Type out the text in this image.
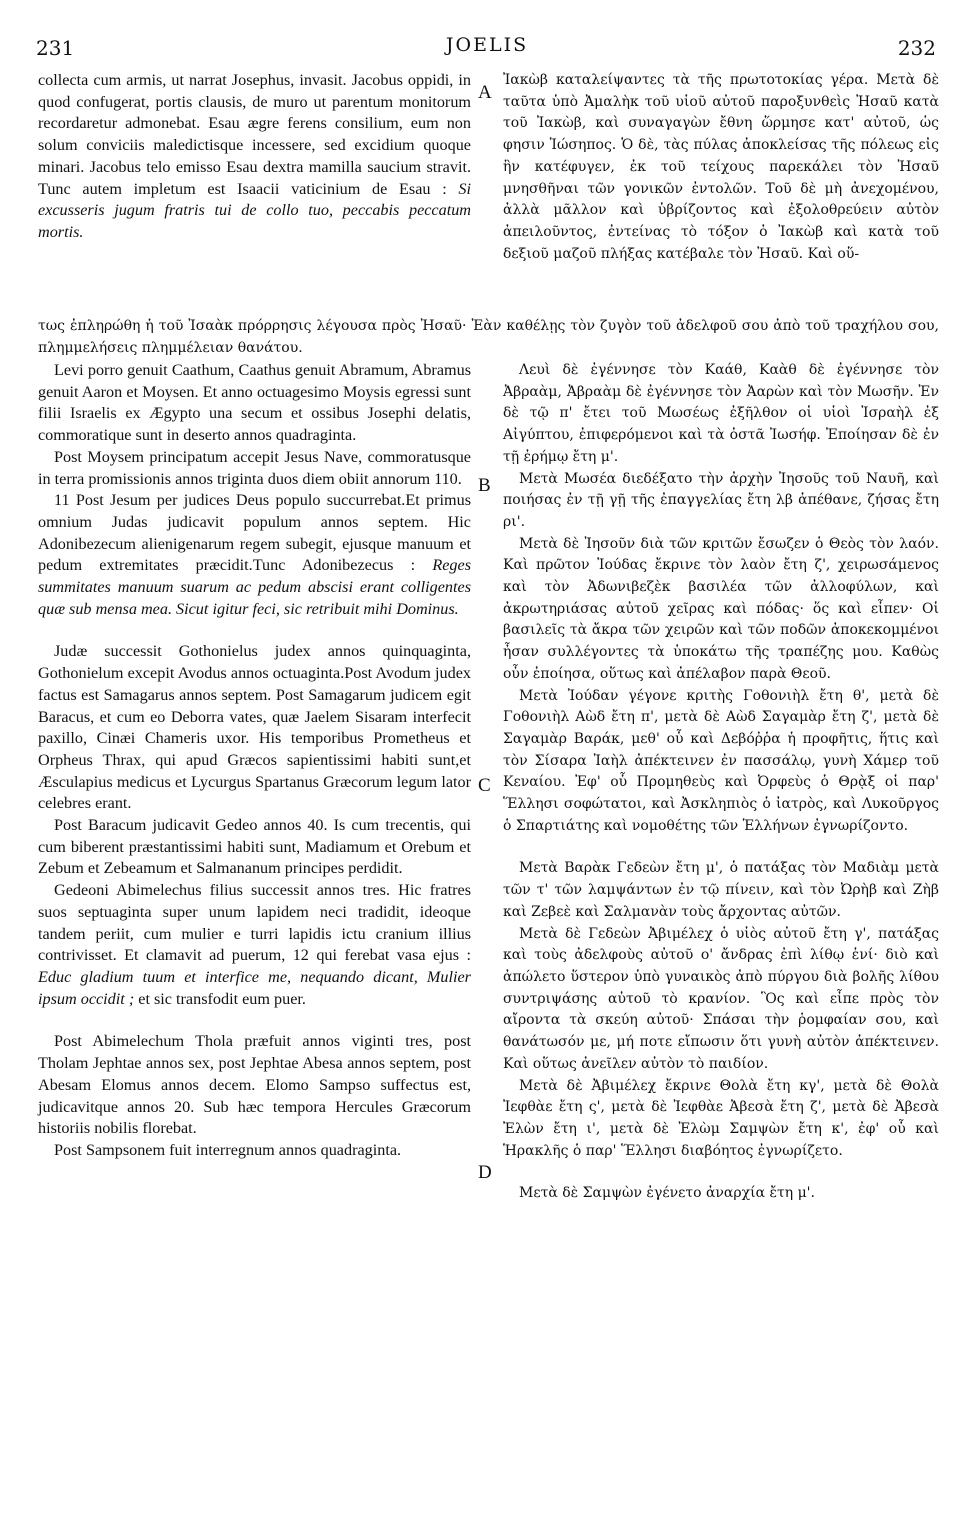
231	JOELIS	232
A
B
C
D

collecta cum armis, ut narrat Josephus, invasit. Jacobus oppidi, in quod confugerat, portis clausis, de muro ut parentum monitorum recordaretur admonebat. Esau ægre ferens consilium, eum non solum conviciis maledictisque incessere, sed excidium quoque minari. Jacobus telo emisso Esau dextra mamilla saucium stravit. Tunc autem impletum est Isaacii vaticinium de Esau : Si excusseris jugum fratris tui de collo tuo, peccabis peccatum mortis.

Ἰακὼβ καταλείψαντες τὰ τῆς πρωτοτοκίας γέρα. Μετὰ δὲ ταῦτα ὑπὸ Ἀμαλὴκ τοῦ υἱοῦ αὐτοῦ παροξυνθεὶς Ἠσαῦ κατὰ τοῦ Ἰακὼβ, καὶ συναγαγὼν ἔθνη ὥρμησε κατ' αὐτοῦ, ὡς φησιν Ἰώσηπος. Ὁ δὲ, τὰς πύλας ἀποκλείσας τῆς πόλεως εἰς ἣν κατέφυγεν, ἐκ τοῦ τείχους παρεκάλει τὸν Ἠσαῦ μνησθῆναι τῶν γονικῶν ἐντολῶν. Τοῦ δὲ μὴ ἀνεχομένου, ἀλλὰ μᾶλλον καὶ ὑβρίζοντος καὶ ἐξολοθρεύειν αὐτὸν ἀπειλοῦντος, ἐντείνας τὸ τόξον ὁ Ἰακὼβ καὶ κατὰ τοῦ δεξιοῦ μαζοῦ πλήξας κατέβαλε τὸν Ἠσαῦ. Καὶ οὕ-

τως ἐπληρώθη ἡ τοῦ Ἰσαὰκ πρόρρησις λέγουσα πρὸς Ἠσαῦ· Ἐὰν καθέλῃς τὸν ζυγὸν τοῦ ἀδελφοῦ σου ἀπὸ τοῦ τραχήλου σου, πλημμελήσεις πλημμέλειαν θανάτου.

Levi porro genuit Caathum, Caathus genuit Abramum, Abramus genuit Aaron et Moysen. Et anno octuagesimo Moysis egressi sunt filii Israelis ex Ægypto una secum et ossibus Josephi delatis, commoratique sunt in deserto annos quadraginta.

Post Moysem principatum accepit Jesus Nave, commoratusque in terra promissionis annos triginta duos diem obiit annorum 110.

11 Post Jesum per judices Deus populo succurrebat.Et primus omnium Judas judicavit populum annos septem. Hic Adonibezecum alienigenarum regem subegit, ejusque manuum et pedum extremitates præcidit.Tunc Adonibezecus : Reges summitates manuum suarum ac pedum abscisi erant colligentes quæ sub mensa mea. Sicut igitur feci, sic retribuit mihi Dominus.

Judæ successit Gothonielus judex annos quinquaginta, Gothonielum excepit Avodus annos octuaginta.Post Avodum judex factus est Samagarus annos septem. Post Samagarum judicem egit Baracus, et cum eo Deborra vates, quæ Jaelem Sisaram interfecit paxillo, Cinæi Chameris uxor. His temporibus Prometheus et Orpheus Thrax, qui apud Græcos sapientissimi habiti sunt,et Æsculapius medicus et Lycurgus Spartanus Græcorum legum lator celebres erant.

Post Baracum judicavit Gedeo annos 40. Is cum trecentis, qui cum biberent præstantissimi habiti sunt, Madiamum et Orebum et Zebum et Zebeamum et Salmananum principes perdidit.

Gedeoni Abimelechus filius successit annos tres. Hic fratres suos septuaginta super unum lapidem neci tradidit, ideoque tandem periit, cum mulier e turri lapidis ictu cranium illius contrivisset. Et clamavit ad puerum, 12 qui ferebat vasa ejus : Educ gladium tuum et interfice me, nequando dicant, Mulier ipsum occidit ; et sic transfodit eum puer.

Post Abimelechum Thola præfuit annos viginti tres, post Tholam Jephtae annos sex, post Jephtae Abesa annos septem, post Abesam Elomus annos decem. Elomo Sampso suffectus est, judicavitque annos 20. Sub hæc tempora Hercules Græcorum historiis nobilis florebat.

Post Sampsonem fuit interregnum annos quadraginta.

Λευὶ δὲ ἐγέννησε τὸν Καάθ, Καὰθ δὲ ἐγέννησε τὸν Ἀβραὰμ, Ἀβραὰμ δὲ ἐγέννησε τὸν Ἀαρὼν καὶ τὸν Μωσῆν. Ἐν δὲ τῷ π' ἔτει τοῦ Μωσέως ἐξῆλθον οἱ υἱοὶ Ἰσραὴλ ἐξ Αἰγύπτου, ἐπιφερόμενοι καὶ τὰ ὀστᾶ Ἰωσήφ. Ἐποίησαν δὲ ἐν τῇ ἐρήμῳ ἔτη μ'.

Μετὰ Μωσέα διεδέξατο τὴν ἀρχὴν Ἰησοῦς τοῦ Ναυῆ, καὶ ποιήσας ἐν τῇ γῇ τῆς ἐπαγγελίας ἔτη λβ ἀπέθανε, ζήσας ἔτη ρι'.

Μετὰ δὲ Ἰησοῦν διὰ τῶν κριτῶν ἔσωζεν ὁ Θεὸς τὸν λαόν. Καὶ πρῶτον Ἰούδας ἔκρινε τὸν λαὸν ἔτη ζ', χειρωσάμενος καὶ τὸν Ἀδωνιβεζὲκ βασιλέα τῶν ἀλλοφύλων, καὶ ἀκρωτηριάσας αὐτοῦ χεῖρας καὶ πόδας· ὅς καὶ εἶπεν· Οἱ βασιλεῖς τὰ ἄκρα τῶν χειρῶν καὶ τῶν ποδῶν ἀποκεκομμένοι ἦσαν συλλέγοντες τὰ ὑποκάτω τῆς τραπέζης μου. Καθὼς οὖν ἐποίησα, οὕτως καὶ ἀπέλαβον παρὰ Θεοῦ.

Μετὰ Ἰούδαν γέγονε κριτὴς Γοθονιὴλ ἔτη θ', μετὰ δὲ Γοθονιὴλ Αὼδ ἔτη π', μετὰ δὲ Αὼδ Σαγαμὰρ ἔτη ζ', μετὰ δὲ Σαγαμὰρ Βαράκ, μεθ' οὗ καὶ Δεβόῤῥα ἡ προφῆτις, ἥτις καὶ τὸν Σίσαρα Ἰαὴλ ἀπέκτεινεν ἐν πασσάλῳ, γυνὴ Χάμερ τοῦ Κεναίου. Ἐφ' οὗ Προμηθεὺς καὶ Ὀρφεὺς ὁ Θρᾲξ οἱ παρ' Ἕλλησι σοφώτατοι, καὶ Ἀσκληπιὸς ὁ ἰατρὸς, καὶ Λυκοῦργος ὁ Σπαρτιάτης καὶ νομοθέτης τῶν Ἑλλήνων ἐγνωρίζοντο.

Μετὰ Βαρὰκ Γεδεὼν ἔτη μ', ὁ πατάξας τὸν Μαδιὰμ μετὰ τῶν τ' τῶν λαμψάντων ἐν τῷ πίνειν, καὶ τὸν Ὠρὴβ καὶ Ζὴβ καὶ Ζεβεὲ καὶ Σαλμανὰν τοὺς ἄρχοντας αὐτῶν.

Μετὰ δὲ Γεδεὼν Ἀβιμέλεχ ὁ υἱὸς αὐτοῦ ἔτη γ', πατάξας καὶ τοὺς ἀδελφοὺς αὐτοῦ ο' ἄνδρας ἐπὶ λίθῳ ἑνί· διὸ καὶ ἀπώλετο ὕστερον ὑπὸ γυναικὸς ἀπὸ πύργου διὰ βολῆς λίθου συντριψάσης αὐτοῦ τὸ κρανίον. Ὃς καὶ εἶπε πρὸς τὸν αἴροντα τὰ σκεύη αὐτοῦ· Σπάσαι τὴν ῥομφαίαν σου, καὶ θανάτωσόν με, μή ποτε εἴπωσιν ὅτι γυνὴ αὐτὸν ἀπέκτεινεν. Καὶ οὕτως ἀνεῖλεν αὐτὸν τὸ παιδίον.

Μετὰ δὲ Ἀβιμέλεχ ἔκρινε Θολὰ ἔτη κγ', μετὰ δὲ Θολὰ Ἰεφθὰε ἔτη ς', μετὰ δὲ Ἰεφθὰε Ἀβεσὰ ἔτη ζ', μετὰ δὲ Ἀβεσὰ Ἐλὼν ἔτη ι', μετὰ δὲ Ἐλὼμ Σαμψὼν ἔτη κ', ἐφ' οὗ καὶ Ἡρακλῆς ὁ παρ' Ἕλλησι διαβόητος ἐγνωρίζετο.

Μετὰ δὲ Σαμψὼν ἐγένετο ἀναρχία ἔτη μ'.
